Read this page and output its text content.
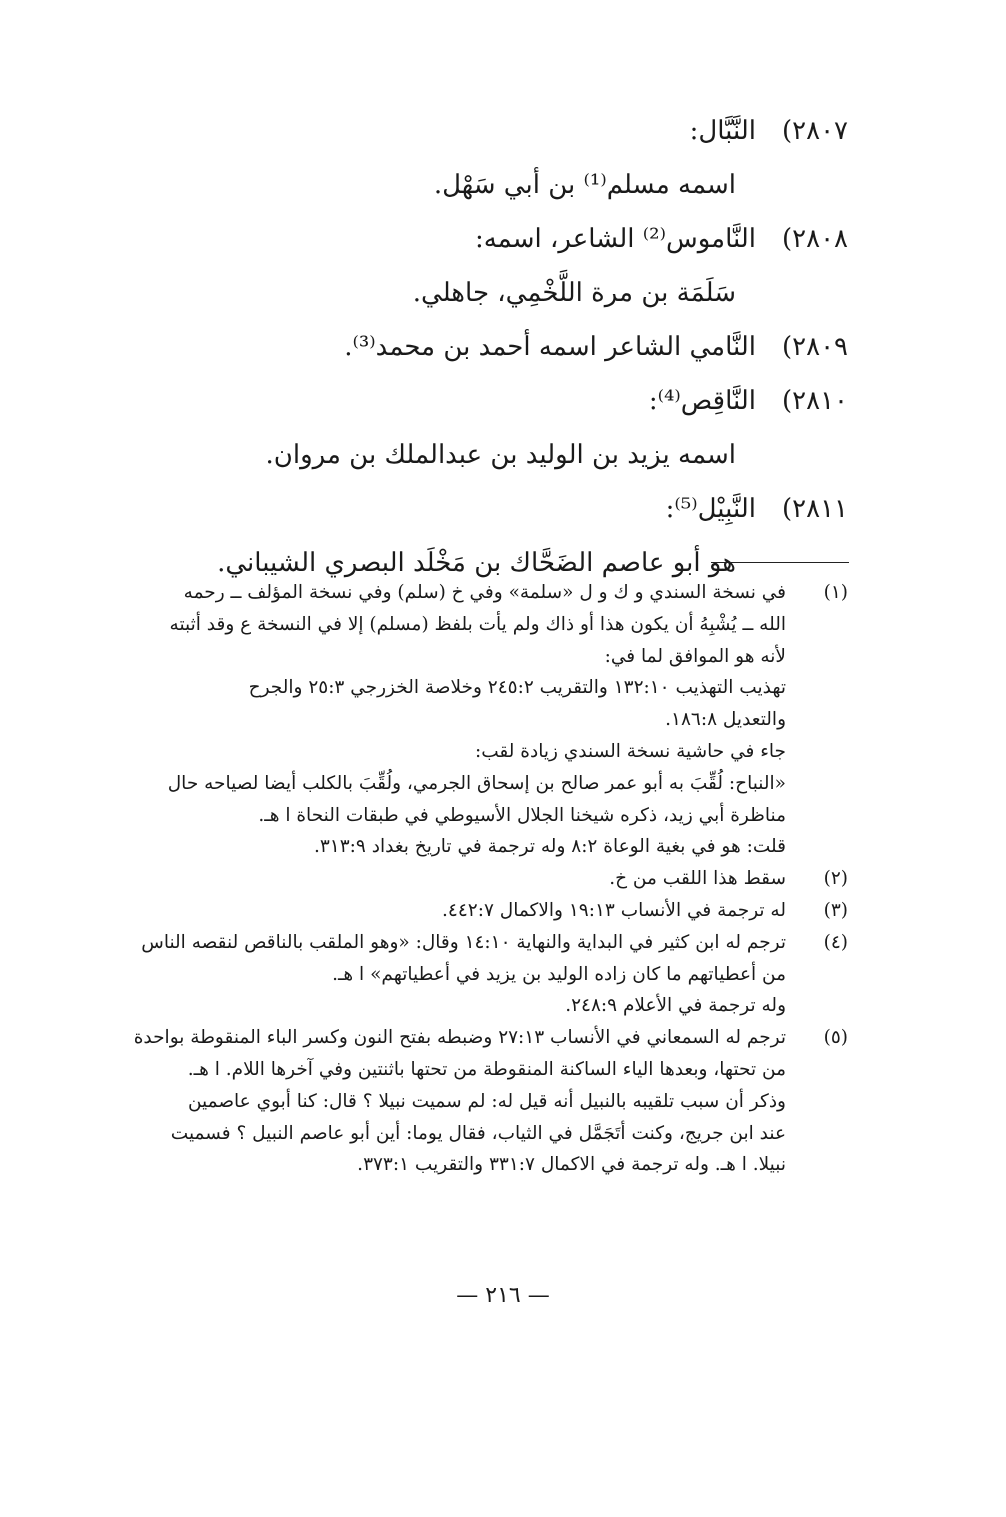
٢٨٠٧)النَّبَّال:
اسمه مسلم⁽¹⁾ بن أبي سَهْل.
٢٨٠٨)النَّاموس⁽²⁾ الشاعر، اسمه:
سَلَمَة بن مرة اللَّخْمِي، جاهلي.
٢٨٠٩)النَّامي الشاعر اسمه أحمد بن محمد⁽³⁾.
٢٨١٠)النَّاقِص⁽⁴⁾:
اسمه يزيد بن الوليد بن عبدالملك بن مروان.
٢٨١١)النَّبِيْل⁽⁵⁾:
هو أبو عاصم الضَحَّاك بن مَخْلَد البصري الشيباني.
(١)
في نسخة السندي و ك و ل «سلمة» وفي خ (سلم) وفي نسخة المؤلف ــ رحمه
الله ــ يُشْبِهُ أن يكون هذا أو ذاك ولم يأت بلفظ (مسلم) إلا في النسخة ع وقد أثبته
لأنه هو الموافق لما في:
تهذيب التهذيب ١٣٢:١٠ والتقريب ٢٤٥:٢ وخلاصة الخزرجي ٢٥:٣ والجرح
والتعديل ١٨٦:٨.
جاء في حاشية نسخة السندي زيادة لقب:
«النباح: لُقِّبَ به أبو عمر صالح بن إسحاق الجرمي، ولُقِّبَ بالكلب أيضا لصياحه حال
مناظرة أبي زيد، ذكره شيخنا الجلال الأسيوطي في طبقات النحاة ا هـ.
قلت: هو في بغية الوعاة ٨:٢ وله ترجمة في تاريخ بغداد ٣١٣:٩.
(٢)
سقط هذا اللقب من خ.
(٣)
له ترجمة في الأنساب ١٩:١٣ والاكمال ٤٤٢:٧.
(٤)
ترجم له ابن كثير في البداية والنهاية ١٤:١٠ وقال: «وهو الملقب بالناقص لنقصه الناس
من أعطياتهم ما كان زاده الوليد بن يزيد في أعطياتهم» ا هـ.
وله ترجمة في الأعلام ٢٤٨:٩.
(٥)
ترجم له السمعاني في الأنساب ٢٧:١٣ وضبطه بفتح النون وكسر الباء المنقوطة بواحدة
من تحتها، وبعدها الياء الساكنة المنقوطة من تحتها باثنتين وفي آخرها اللام. ا هـ.
وذكر أن سبب تلقيبه بالنبيل أنه قيل له: لم سميت نبيلا ؟ قال: كنا أبوي عاصمين
عند ابن جريج، وكنت أتَجَمَّل في الثياب، فقال يوما: أين أبو عاصم النبيل ؟ فسميت
نبيلا. ا هـ. وله ترجمة في الاكمال ٣٣١:٧ والتقريب ٣٧٣:١.
— ٢١٦ —
